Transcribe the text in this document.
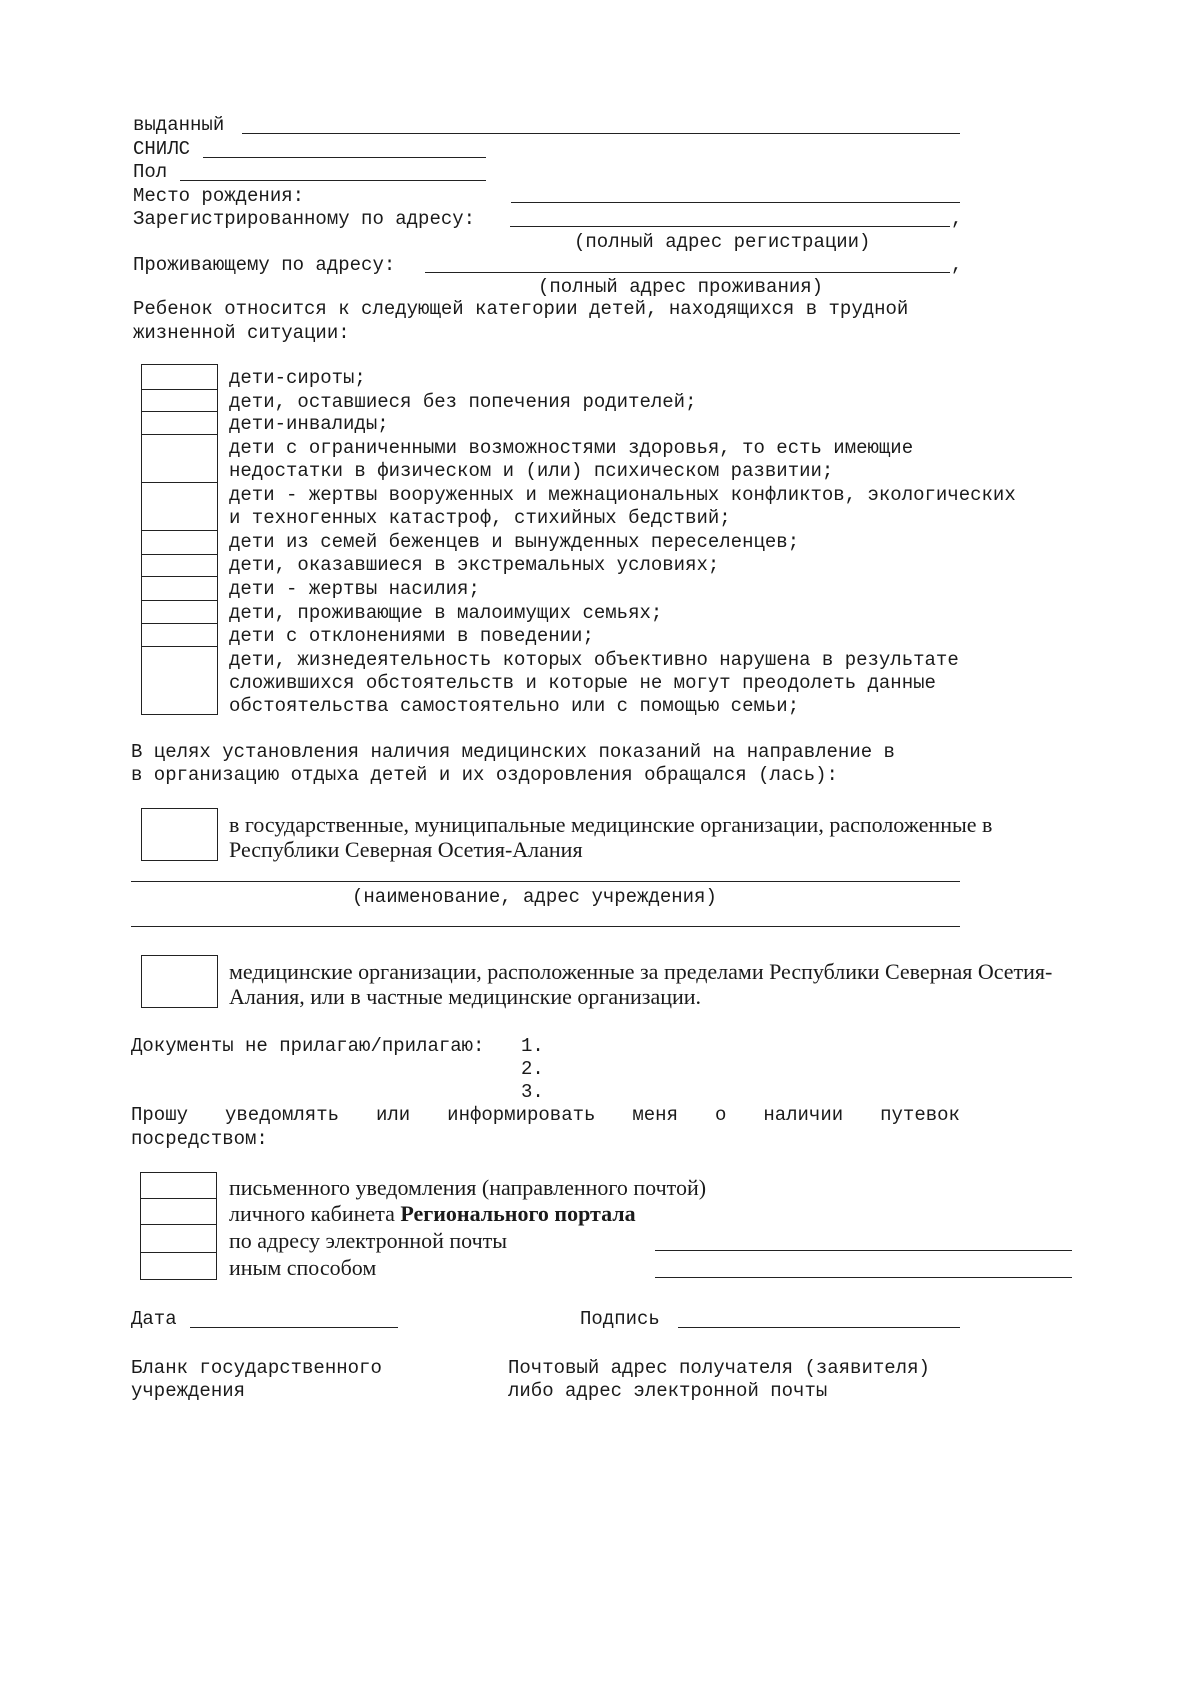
выданный
СНИЛС
Пол
Место рождения:
Зарегистрированному по адресу:	,
(полный адрес регистрации)
Проживающему по адресу:	,
(полный адрес проживания)
Ребенок относится к следующей категории детей, находящихся в трудной
жизненной ситуации:
дети-сироты;
дети, оставшиеся без попечения родителей;
дети-инвалиды;
дети с ограниченными возможностями здоровья, то есть имеющие
недостатки в физическом и (или) психическом развитии;
дети - жертвы вооруженных и межнациональных конфликтов, экологических
и техногенных катастроф, стихийных бедствий;
дети из семей беженцев и вынужденных переселенцев;
дети, оказавшиеся в экстремальных условиях;
дети - жертвы насилия;
дети, проживающие в малоимущих семьях;
дети с отклонениями в поведении;
дети, жизнедеятельность которых объективно нарушена в результате
сложившихся обстоятельств и которые не могут преодолеть данные
обстоятельства самостоятельно или с помощью семьи;
В целях установления наличия медицинских показаний на направление в
в организацию отдыха детей и их оздоровления обращался (лась):
в государственные, муниципальные медицинские организации, расположенные в
Республики Северная Осетия-Алания
(наименование, адрес учреждения)
медицинские организации, расположенные за пределами Республики Северная Осетия-
Алания, или в частные медицинские организации.
Документы не прилагаю/прилагаю: 1.
2.
3.
Прошу уведомлять или информировать меня о наличии путевок
посредством:
письменного уведомления (направленного почтой)
личного кабинета Регионального портала
по адресу электронной почты
иным способом
Дата	Подпись
Бланк государственного
учреждения
Почтовый адрес получателя (заявителя)
либо адрес электронной почты
